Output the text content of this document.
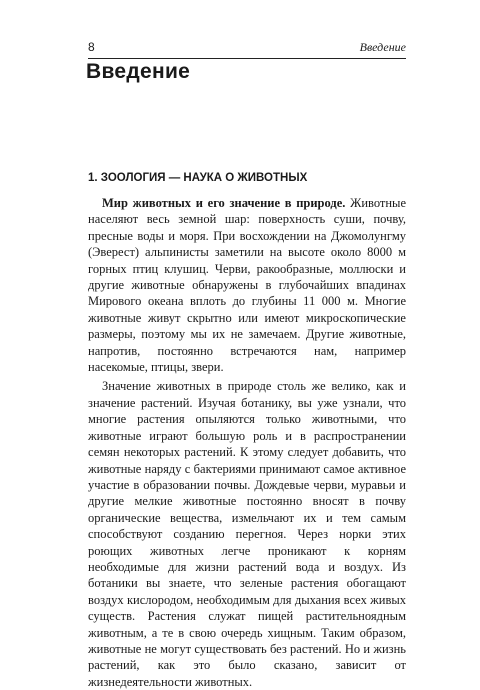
8	Введение
Введение
1. ЗООЛОГИЯ — НАУКА О ЖИВОТНЫХ

Мир животных и его значение в природе. Животные населяют весь земной шар: поверхность суши, почву, пресные воды и моря. При восхождении на Джомолунгму (Эверест) альпинисты заметили на высоте около 8000 м горных птиц клушиц. Черви, ракообразные, моллюски и другие животные обнаружены в глубочайших впадинах Мирового океана вплоть до глубины 11 000 м. Многие животные живут скрытно или имеют микроскопические размеры, поэтому мы их не замечаем. Другие животные, напротив, постоянно встречаются нам, например насекомые, птицы, звери.

Значение животных в природе столь же велико, как и значение растений. Изучая ботанику, вы уже узнали, что многие растения опыляются только животными, что животные играют большую роль и в распространении семян некоторых растений. К этому следует добавить, что животные наряду с бактериями принимают самое активное участие в образовании почвы. Дождевые черви, муравьи и другие мелкие животные постоянно вносят в почву органические вещества, измельчают их и тем самым способствуют созданию перегноя. Через норки этих роющих животных легче проникают к корням необходимые для жизни растений вода и воздух. Из ботаники вы знаете, что зеленые растения обогащают воздух кислородом, необходимым для дыхания всех живых существ. Растения служат пищей растительноядным животным, а те в свою очередь хищным. Таким образом, животные не могут существовать без растений. Но и жизнь растений, как это было сказано, зависит от жизнедеятельности животных.
